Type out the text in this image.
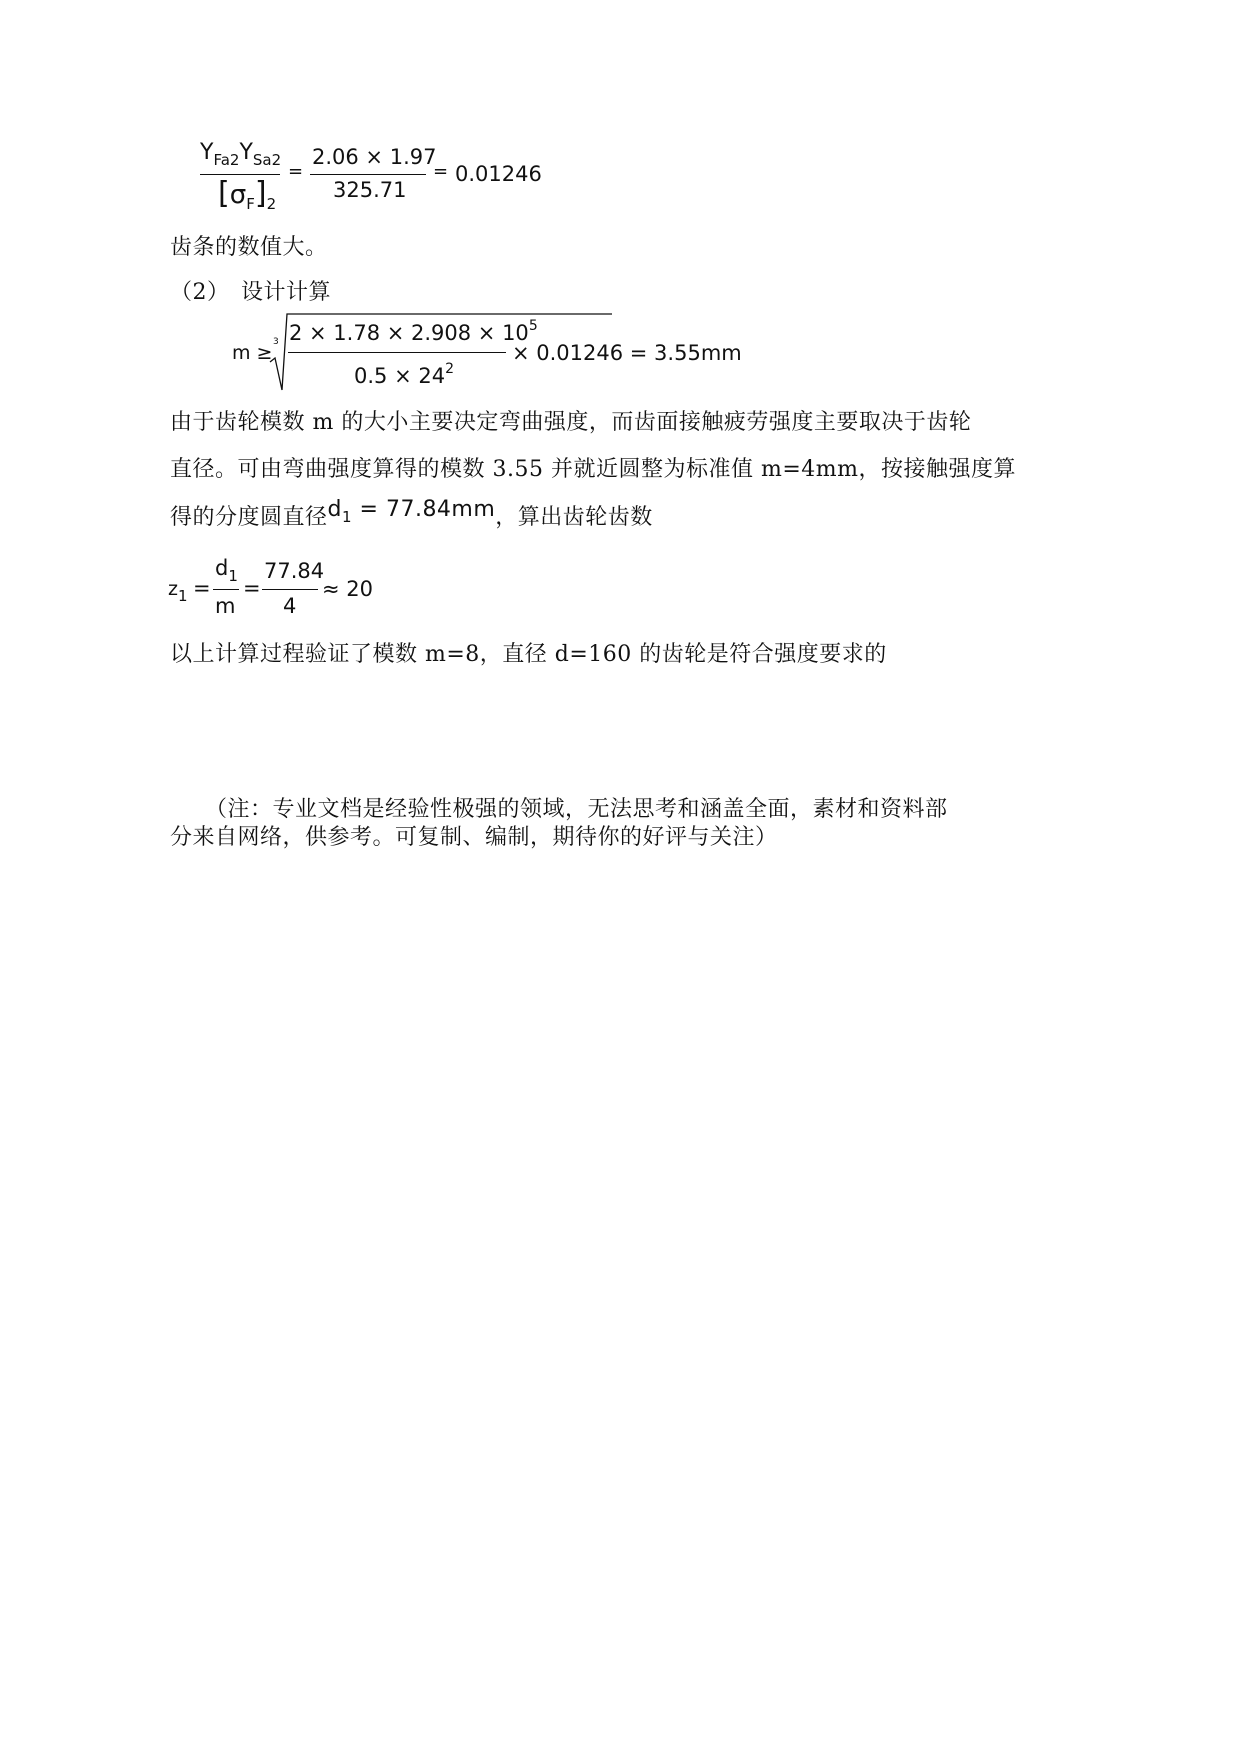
$Y_{Fa2}Y_{Sa2}$
$[\sigma_F]_2$
=
2.06 × 1.97
325.71
= 0.01246
齿条的数值大。
（2）　设计计算
m ≥ 3 $2 \times 1.78 \times 2.908 \times 10^5$
$0.5 \times 24^2$
× 0.01246 = 3.55mm
由于齿轮模数 m 的大小主要决定弯曲强度，而齿面接触疲劳强度主要取决于齿轮
直径。可由弯曲强度算得的模数 3.55 并就近圆整为标准值 m=4mm，按接触强度算
得的分度圆直径$d_1 = 77.84mm$，算出齿轮齿数
$z_1$ =
$d_1$
m
=
77.84
4
≈ 20
以上计算过程验证了模数 m=8，直径 d=160 的齿轮是符合强度要求的
（注：专业文档是经验性极强的领域，无法思考和涵盖全面，素材和资料部
分来自网络，供参考。可复制、编制，期待你的好评与关注）
